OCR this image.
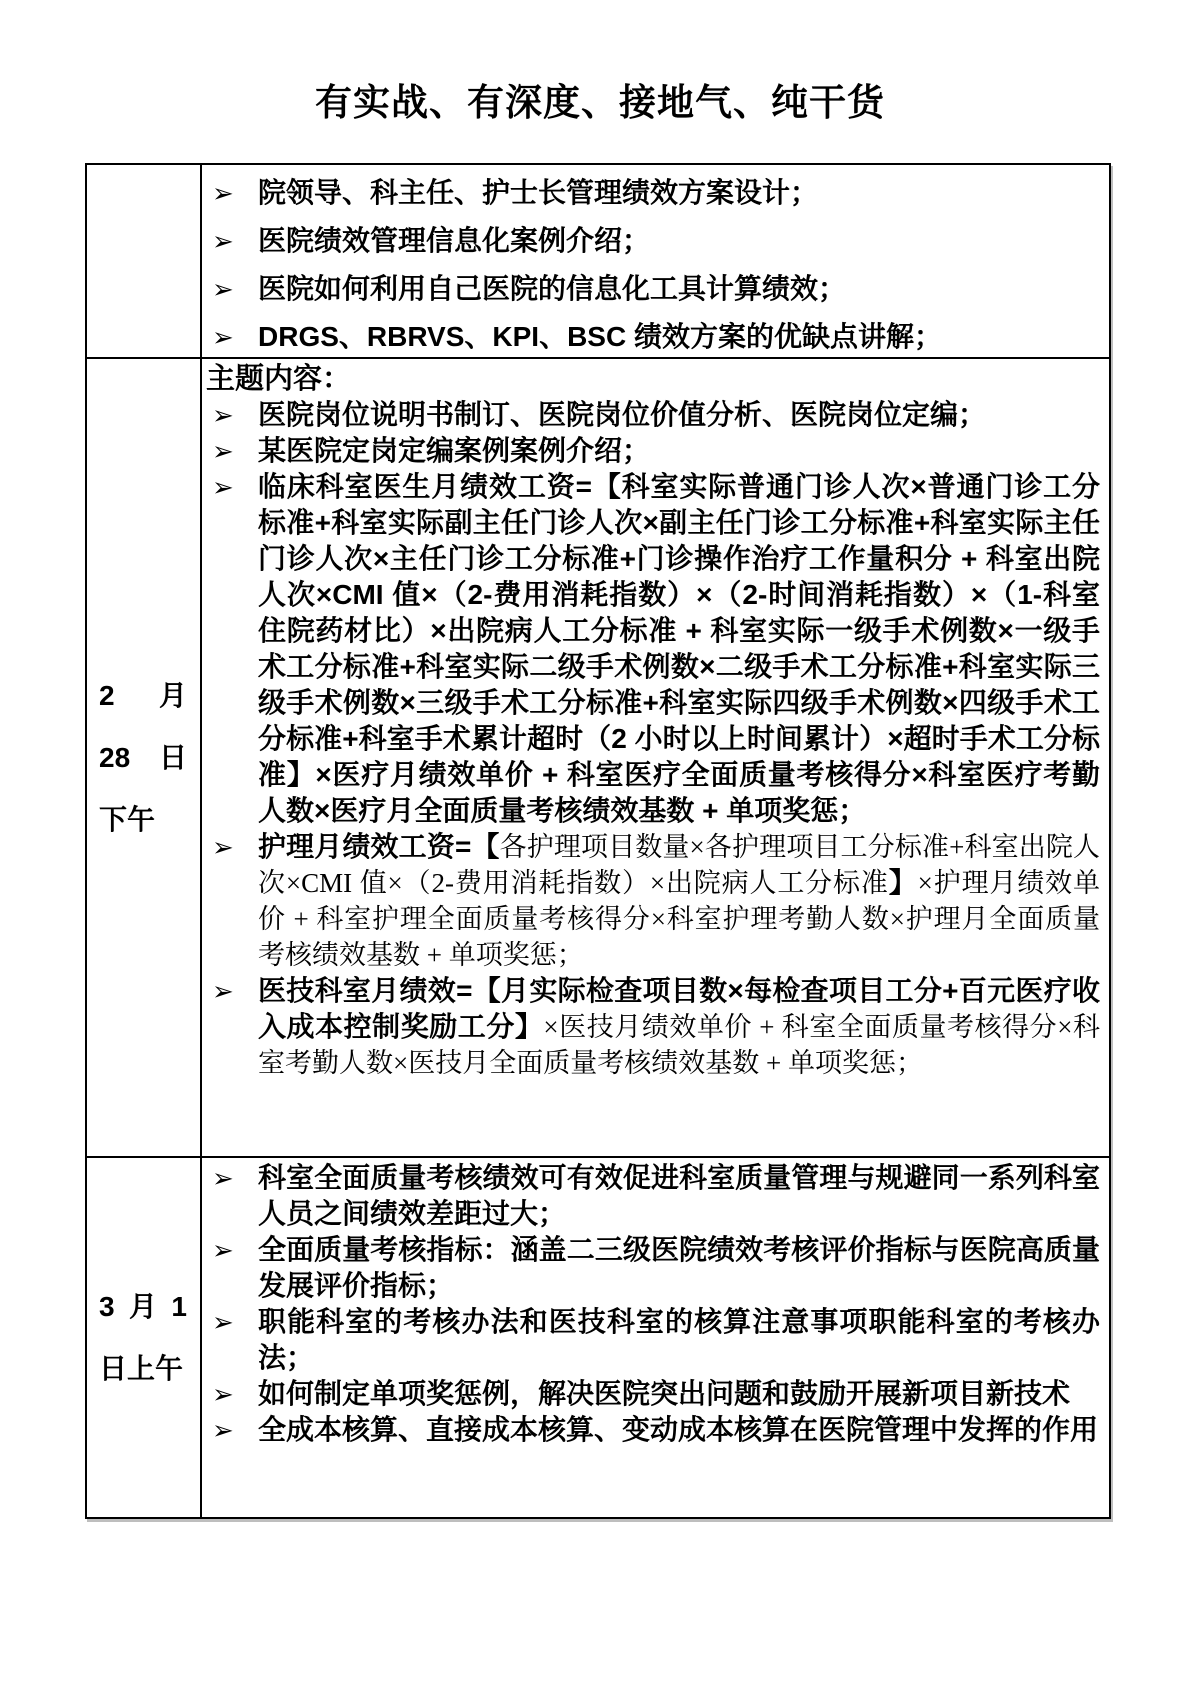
有实战、有深度、接地气、纯干货
➢ 院领导、科主任、护士长管理绩效方案设计；
➢ 医院绩效管理信息化案例介绍；
➢ 医院如何利用自己医院的信息化工具计算绩效；
➢ DRGS、RBRVS、KPI、BSC 绩效方案的优缺点讲解；
2 月
28 日
下午
主题内容：
➢ 医院岗位说明书制订、医院岗位价值分析、医院岗位定编；
➢ 某医院定岗定编案例案例介绍；
➢ 临床科室医生月绩效工资=【科室实际普通门诊人次×普通门诊工分标准+科室实际副主任门诊人次×副主任门诊工分标准+科室实际主任门诊人次×主任门诊工分标准+门诊操作治疗工作量积分 + 科室出院人次×CMI 值×（2-费用消耗指数）×（2-时间消耗指数）×（1-科室住院药材比）×出院病人工分标准 + 科室实际一级手术例数×一级手术工分标准+科室实际二级手术例数×二级手术工分标准+科室实际三级手术例数×三级手术工分标准+科室实际四级手术例数×四级手术工分标准+科室手术累计超时（2 小时以上时间累计）×超时手术工分标准】×医疗月绩效单价 + 科室医疗全面质量考核得分×科室医疗考勤人数×医疗月全面质量考核绩效基数 + 单项奖惩；
➢ 护理月绩效工资=【各护理项目数量×各护理项目工分标准+科室出院人次×CMI 值×（2-费用消耗指数）×出院病人工分标准】×护理月绩效单价 + 科室护理全面质量考核得分×科室护理考勤人数×护理月全面质量考核绩效基数 + 单项奖惩；
➢ 医技科室月绩效=【月实际检查项目数×每检查项目工分+百元医疗收入成本控制奖励工分】×医技月绩效单价 + 科室全面质量考核得分×科室考勤人数×医技月全面质量考核绩效基数 + 单项奖惩；
3 月 1
日上午
➢ 科室全面质量考核绩效可有效促进科室质量管理与规避同一系列科室人员之间绩效差距过大；
➢ 全面质量考核指标：涵盖二三级医院绩效考核评价指标与医院高质量发展评价指标；
➢ 职能科室的考核办法和医技科室的核算注意事项职能科室的考核办法；
➢ 如何制定单项奖惩例，解决医院突出问题和鼓励开展新项目新技术
➢ 全成本核算、直接成本核算、变动成本核算在医院管理中发挥的作用
